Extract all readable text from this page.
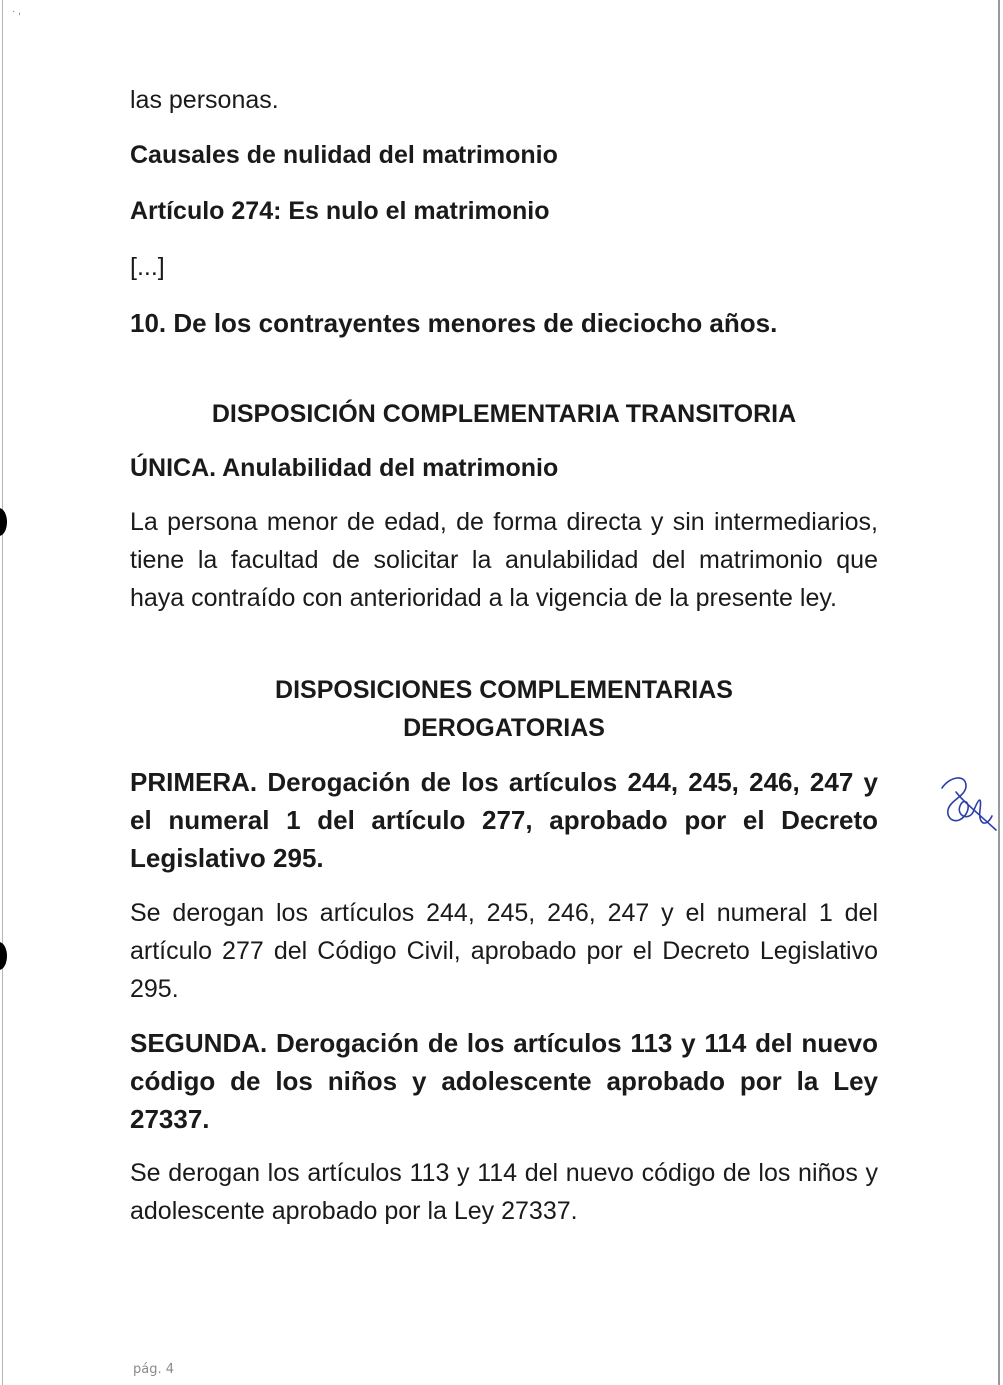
· ,

las personas.

Causales de nulidad del matrimonio

Artículo 274: Es nulo el matrimonio

[...]

10. De los contrayentes menores de dieciocho años.

DISPOSICIÓN COMPLEMENTARIA TRANSITORIA

ÚNICA. Anulabilidad del matrimonio

La persona menor de edad, de forma directa y sin intermediarios, tiene la facultad de solicitar la anulabilidad del matrimonio que haya contraído con anterioridad a la vigencia de la presente ley.

DISPOSICIONES COMPLEMENTARIAS

DEROGATORIAS

PRIMERA. Derogación de los artículos 244, 245, 246, 247 y el numeral 1 del artículo 277, aprobado por el Decreto Legislativo 295.

Se derogan los artículos 244, 245, 246, 247 y el numeral 1 del artículo 277 del Código Civil, aprobado por el Decreto Legislativo 295.

SEGUNDA. Derogación de los artículos 113 y 114 del nuevo código de los niños y adolescente aprobado por la Ley 27337.

Se derogan los artículos 113 y 114 del nuevo código de los niños y adolescente aprobado por la Ley 27337.

pág. 4
